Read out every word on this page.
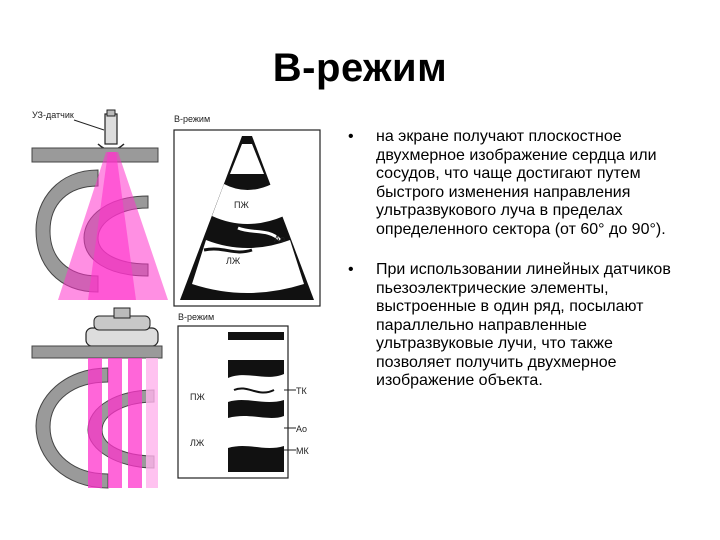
B-режим
УЗ-датчик	B-режим
ПЖ
Ao
ЛЖ
B-режим
ПЖ
ЛЖ
ТК
Ao
МК
• на экране получают плоскостное двухмерное изображение сердца или сосудов, что чаще достигают путем быстрого изменения направления ультразвукового луча в пределах определенного сектора (от 60° до 90°).
• При использовании линейных датчиков пьезоэлектрические элементы, выстроенные в один ряд, посылают параллельно направленные ультразвуковые лучи, что также позволяет получить двухмерное изображение объекта.
